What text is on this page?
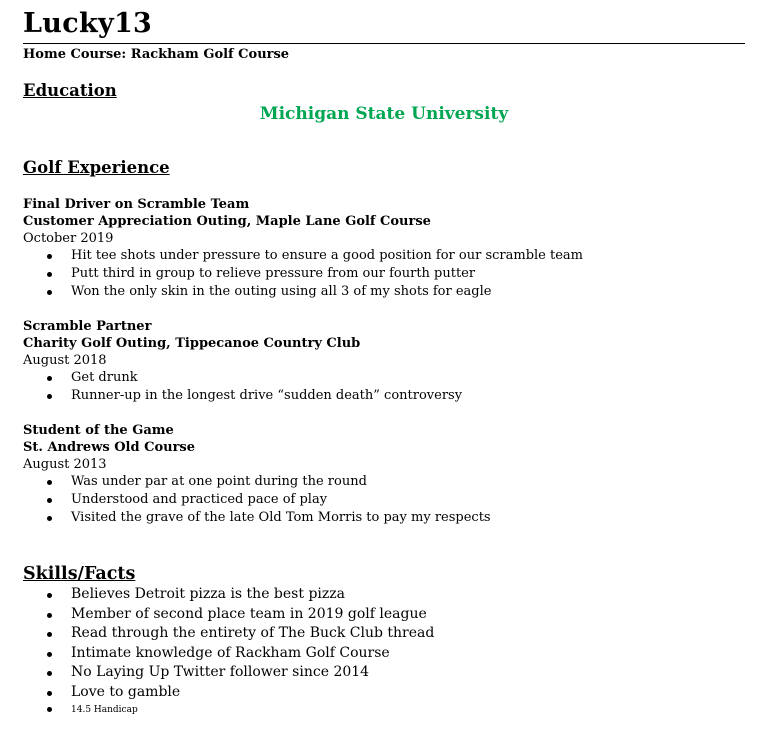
Lucky13
Home Course: Rackham Golf Course
Education
Michigan State University
Golf Experience
Final Driver on Scramble Team
Customer Appreciation Outing, Maple Lane Golf Course
October 2019
Hit tee shots under pressure to ensure a good position for our scramble team
Putt third in group to relieve pressure from our fourth putter
Won the only skin in the outing using all 3 of my shots for eagle
Scramble Partner
Charity Golf Outing, Tippecanoe Country Club
August 2018
Get drunk
Runner-up in the longest drive “sudden death” controversy
Student of the Game
St. Andrews Old Course
August 2013
Was under par at one point during the round
Understood and practiced pace of play
Visited the grave of the late Old Tom Morris to pay my respects
Skills/Facts
Believes Detroit pizza is the best pizza
Member of second place team in 2019 golf league
Read through the entirety of The Buck Club thread
Intimate knowledge of Rackham Golf Course
No Laying Up Twitter follower since 2014
Love to gamble
14.5 Handicap
